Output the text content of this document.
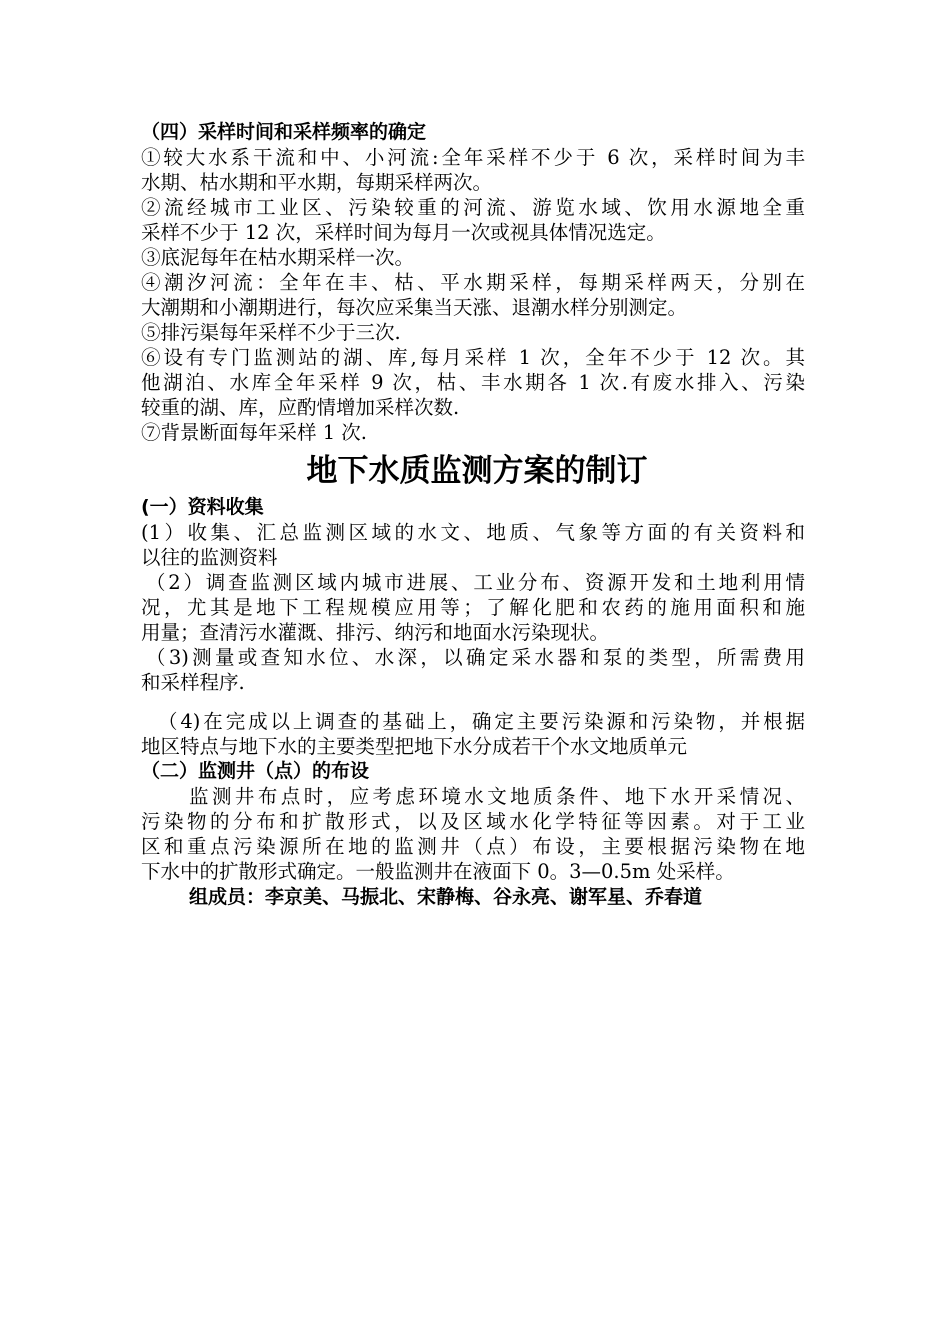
（四）采样时间和采样频率的确定
①较大水系干流和中、小河流:全年采样不少于 6 次，采样时间为丰
水期、枯水期和平水期，每期采样两次。
②流经城市工业区、污染较重的河流、游览水域、饮用水源地全重
采样不少于 12 次，采样时间为每月一次或视具体情况选定。
③底泥每年在枯水期采样一次。
④潮汐河流：全年在丰、枯、平水期采样，每期采样两天，分别在
大潮期和小潮期进行，每次应采集当天涨、退潮水样分别测定。
⑤排污渠每年采样不少于三次.
⑥设有专门监测站的湖、库,每月采样 1 次，全年不少于 12 次。其
他湖泊、水库全年采样 9 次，枯、丰水期各 1 次.有废水排入、污染
较重的湖、库，应酌情增加采样次数.
⑦背景断面每年采样 1 次.
地下水质监测方案的制订
(一）资料收集
(1）收集、汇总监测区域的水文、地质、气象等方面的有关资料和
以往的监测资料
（2）调查监测区域内城市进展、工业分布、资源开发和土地利用情
况，尤其是地下工程规模应用等；了解化肥和农药的施用面积和施
用量；查清污水灌溉、排污、纳污和地面水污染现状。
（3)测量或查知水位、水深，以确定采水器和泵的类型，所需费用
和采样程序.
（4)在完成以上调查的基础上，确定主要污染源和污染物，并根据
地区特点与地下水的主要类型把地下水分成若干个水文地质单元
（二）监测井（点）的布设
监测井布点时，应考虑环境水文地质条件、地下水开采情况、
污染物的分布和扩散形式，以及区域水化学特征等因素。对于工业
区和重点污染源所在地的监测井（点）布设，主要根据污染物在地
下水中的扩散形式确定。一般监测井在液面下 0。3—0.5m 处采样。
组成员：李京美、马振北、宋静梅、谷永亮、谢军星、乔春道
